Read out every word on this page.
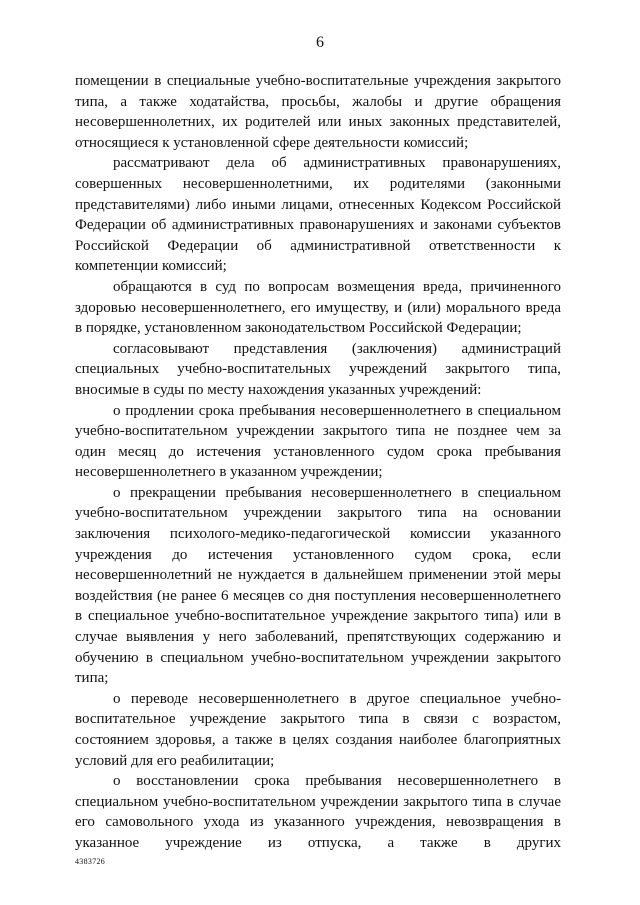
6

помещении в специальные учебно-воспитательные учреждения закрытого типа, а также ходатайства, просьбы, жалобы и другие обращения несовершеннолетних, их родителей или иных законных представителей, относящиеся к установленной сфере деятельности комиссий;

рассматривают дела об административных правонарушениях, совершенных несовершеннолетними, их родителями (законными представителями) либо иными лицами, отнесенных Кодексом Российской Федерации об административных правонарушениях и законами субъектов Российской Федерации об административной ответственности к компетенции комиссий;

обращаются в суд по вопросам возмещения вреда, причиненного здоровью несовершеннолетнего, его имуществу, и (или) морального вреда в порядке, установленном законодательством Российской Федерации;

согласовывают представления (заключения) администраций специальных учебно-воспитательных учреждений закрытого типа, вносимые в суды по месту нахождения указанных учреждений:

о продлении срока пребывания несовершеннолетнего в специальном учебно-воспитательном учреждении закрытого типа не позднее чем за один месяц до истечения установленного судом срока пребывания несовершеннолетнего в указанном учреждении;

о прекращении пребывания несовершеннолетнего в специальном учебно-воспитательном учреждении закрытого типа на основании заключения психолого-медико-педагогической комиссии указанного учреждения до истечения установленного судом срока, если несовершеннолетний не нуждается в дальнейшем применении этой меры воздействия (не ранее 6 месяцев со дня поступления несовершеннолетнего в специальное учебно-воспитательное учреждение закрытого типа) или в случае выявления у него заболеваний, препятствующих содержанию и обучению в специальном учебно-воспитательном учреждении закрытого типа;

о переводе несовершеннолетнего в другое специальное учебно-воспитательное учреждение закрытого типа в связи с возрастом, состоянием здоровья, а также в целях создания наиболее благоприятных условий для его реабилитации;

о восстановлении срока пребывания несовершеннолетнего в специальном учебно-воспитательном учреждении закрытого типа в случае его самовольного ухода из указанного учреждения, невозвращения в указанное учреждение из отпуска, а также в других

4383726
